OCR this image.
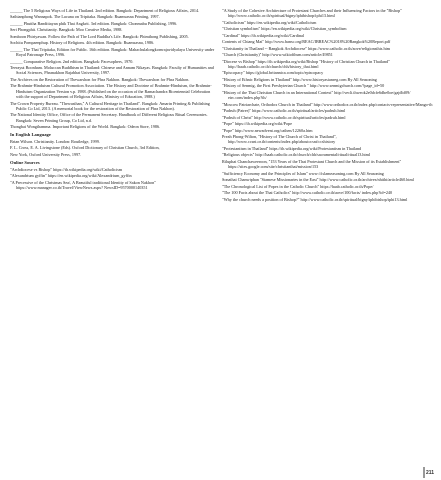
______ The 5 Religious Ways of Life in Thailand. 2nd edition. Bangkok: Department of Religious Affairs, 2014.

Sathianphong Wannapok. The Lacuna on Tripitaka. Bangkok: Ruamsasna Printing, 1997.

______ Phuttha Bandittayan phik Thai Angkrit. 3rd edition. Bangkok: Chonmabu Publishing, 1996.

Seri Phongphit. Christianity. Bangkok: Moo Creative Media, 1988.

Somboon Phiriyawan. Follow the Path of The Lord Buddha's Life. Bangkok: Phimthong Publishing, 2005.

Sochitu Pompaenphup. History of Religions. 4th edition. Bangkok: Ruamsasna, 1986.

______ The Thai Tripitaka, Edition for Public. 16th edition. Bangkok: Mahachulalongkornrajavidyalaya University under Royal Patronage Press, 1996.

______ Comparative Religion. 2nd edition. Bangkok: Pacesophers, 1970.

Teerayut Boonham. Moluccan Buddhism in Thailand: Chinese and Annam Nikayas. Bangkok: Faculty of Humanities and Social Sciences, Phranakhon Rajabhat University, 1997.

The Archives on the Restoration of Thewarshon for Phra Nakhon. Bangkok: Thewarshon for Phra Nakhon.

The Brahmin-Hinduism Cultural Promotion Association. The History and Doctrine of Brahmin-Hinduism, the Brahmin-Hinduism Organization Version v.p. 1988. (Published on the occasion of the Ramachandra Bicentennial Celebration with the support of Department of Religious Affairs, Ministry of Education, 1988.)

The Crown Property Bureau. "Thewasthan," A Cultural Heritage in Thailand". Bangkok: Amarin Printing & Publishing Public Co Ltd, 2013. (A memorial book for the restoration of the Restoration of Phra Nakhon).

The National Identity Office, Office of the Permanent Secretary. Handbook of Different Religious Ritual Ceremonies. Bangkok: Seven Printing Group, Co Ltd, n.d.

Thongbai Wongthamma. Important Religions of the World. Bangkok: Odeon Store, 1986.

In English Language

Brian Wilson. Christianity. London: Routledge, 1999.

F. L. Cross, E. A. Livingstone (Eds). Oxford Dictionary of Christian Church, 3rd Edition,

New York, Oxford University Press, 1997.

Online Sources

"Archdiocese vs Bishop" https://th.wikipedia.org/wiki/Catholicism

"Alexandrium gyffin" https://en.wikipedia.org/wiki/Alexandrium_gyffin

"A Precessive of the Christmas Sea/, A Beautiful traditional Identity of Sakon Nakhon" https://www.manager.co.th/Travel/ViewNews.aspx? NewsID=9570000140351

"A Study of the Cohesive Architecture of Protestant Churches and their Influencing Factors in the "Bishop" http://www.catholic.or.th/spiritual/bigny/iphibishop/iphi13.html

"Catholicism" https://en.wikipedia.org/wiki/Catholicism

"Christian symbolism" https://en.wikipedia.org/wiki/Christian_symbolism

"Cardinal" https://th.wikipedia.org/wiki/Cardinal

Contents of Chiang Mai" http://www.bansc.org/REAC/IBREAC%2018%20Bangkok%20Report.pdf

"Christianity in Thailand -- Bangkok Archdiocese" https://www.catholic.or.th/aove/religionsthis.htm

"Church (Christianity)" http://www.wikiofthsm.com/article/49851

"Diocese vs Bishop" https://th.wikipedia.org/wiki/Bishop "History of Christian Church in Thailand" http://haab.catholic.or.th/church/chh/history_thai.html

"Episcopacy" https://global.britannica.com/topic/episcopacy

"History of Ethnic Religions in Thailand" http://www.historyasianreg.com By All Seasoning

"History of Senmig, the First Presbyterian Church " http://www.senmigchurch.com/?page_id=50

"History of the Thai Christian Church in an International Context" http://vecli.thweok2e0dcfe6dbe0oe/gajdbf09/ eirc.com/index.php?th/

"Moscow Patriarchate, Orthodox Church in Thailand" http://www.orthodox.or.th/index.php/contacts-representative/Mango-th

"Padruh (Patrer)" https://www.catholic.or.th/spiritual/articles/padruh.html

"Padruh of Christ" http://www.catholic.or.th/spiritual/articles/padruh.html

"Pope" https://th.wikipedia.org/wiki/Pope

"Pope" http://www.newadvent.org/cathen/12260a.htm

Preah Phong-Wilton, "History of The Church of Christ in Thailand", http://www.ccsnt.or.th/contents/index.php/aboutccsnt/ccshistory

"Protestantism in Thailand" https://th.wikipedia.org/wiki/Protestantism in Thailand

"Religious objects" http://haab.catholic.or.th/church/chh/sacramental/ritual/ritual13.html

Riluphai Chanchaweeroon, "153 Years of the Thai Protestant Church and the Mission of its Establishment" https://sites.google.com/site/christianthai/mission/153

"Sufficiency Economy and the Principles of Islam" www://islameasoning.com By All Seasoning

Sonathai Chanwiphan "Siamese Missionaries in the East" http://www.catholic.or.th/archives/nhithi/article460.html

"The Chronological List of Popes in the Catholic Church" https://haab.catholic.or.th/Pope/

"The 100 Facts about the Thai Catholics" http://www.catholic.or.th/aove/100/facts/ index.php?id=240

"Why the church needs a position of Bishop?" http://www.catholic.or.th/spiritual/bigny/iphibishop/iphi13.html

211
